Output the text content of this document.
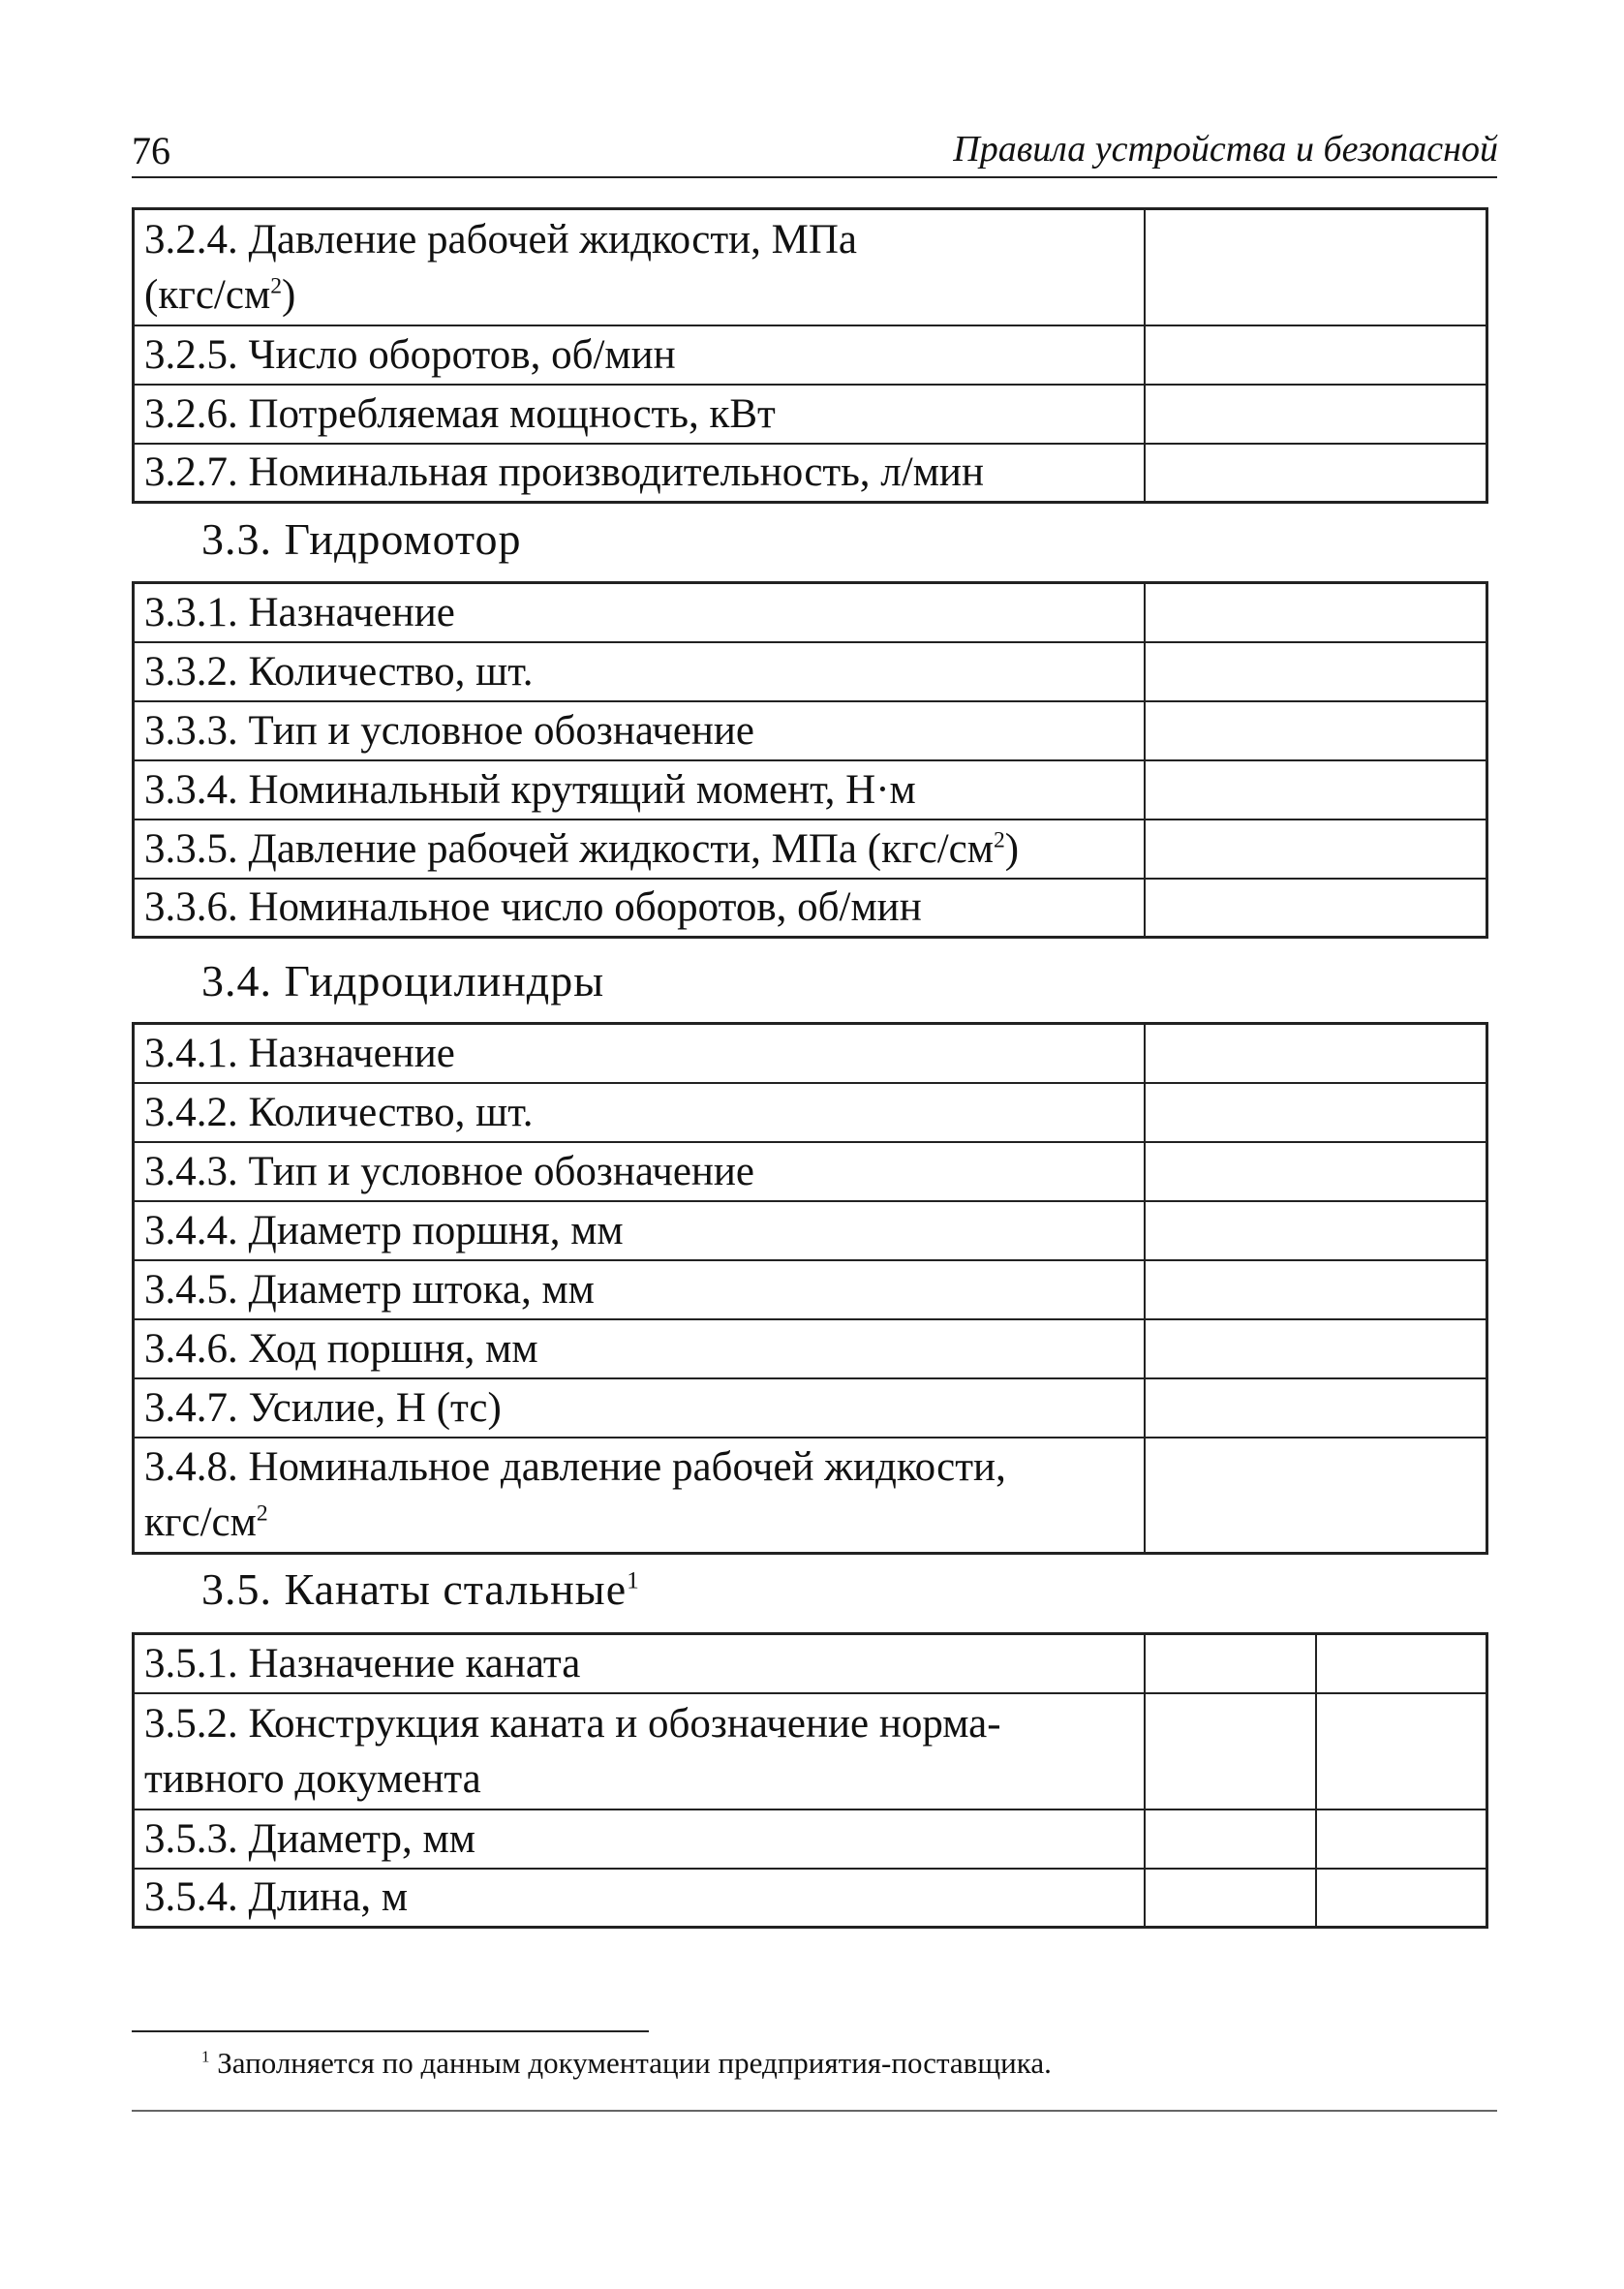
76	Правила устройства и безопасной
3.2.4. Давление рабочей жидкости, МПа
$(кгс/см^2)$	
3.2.5. Число оборотов, об/мин	
3.2.6. Потребляемая мощность, кВт	
3.2.7. Номинальная производительность, л/мин	
3.3. Гидромотор
3.3.1. Назначение	
3.3.2. Количество, шт.	
3.3.3. Тип и условное обозначение	
3.3.4. Номинальный крутящий момент, Н·м	
3.3.5. Давление рабочей жидкости, МПа $(кгс/см^2)$	
3.3.6. Номинальное число оборотов, об/мин	
3.4. Гидроцилиндры
3.4.1. Назначение	
3.4.2. Количество, шт.	
3.4.3. Тип и условное обозначение	
3.4.4. Диаметр поршня, мм	
3.4.5. Диаметр штока, мм	
3.4.6. Ход поршня, мм	
3.4.7. Усилие, Н (тс)	
3.4.8. Номинальное давление рабочей жидкости,
кгс/$см^2$	
3.5. Канаты стальные$^1$
3.5.1. Назначение каната		
3.5.2. Конструкция каната и обозначение норма-
тивного документа		
3.5.3. Диаметр, мм		
3.5.4. Длина, м		
$^1$ Заполняется по данным документации предприятия-поставщика.
